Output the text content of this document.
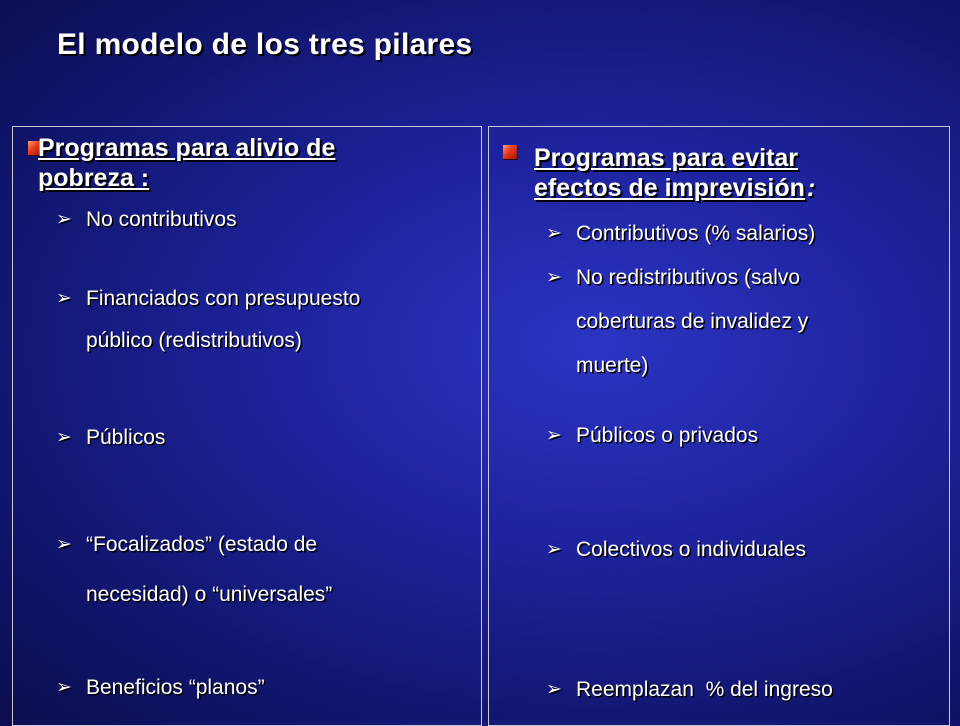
El modelo de los tres pilares
Programas para alivio de
pobreza :
➢ No contributivos
➢ Financiados con presupuesto
público (redistributivos)
➢ Públicos
➢ “Focalizados” (estado de
necesidad) o “universales”
➢ Beneficios “planos”
Programas para evitar
efectos de imprevisión:
➢ Contributivos (% salarios)
➢ No redistributivos (salvo
coberturas de invalidez y
muerte)
➢ Públicos o privados
➢ Colectivos o individuales
➢ Reemplazan  % del ingreso
